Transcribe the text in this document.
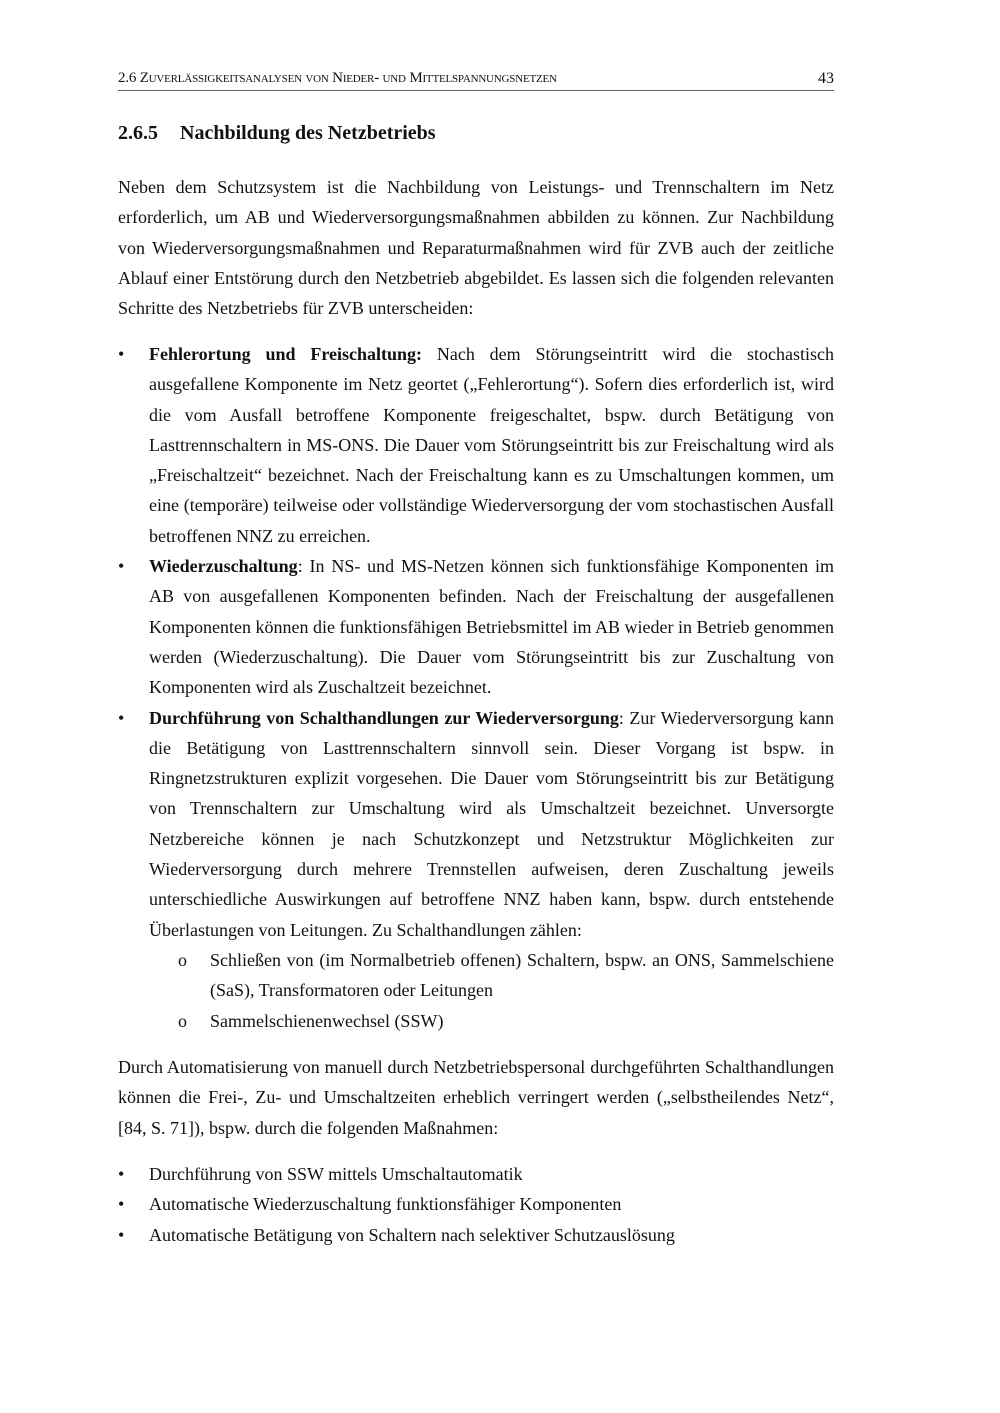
2.6 Zuverlässigkeitsanalysen von Nieder- und Mittelspannungsnetzen	43
2.6.5 Nachbildung des Netzbetriebs

Neben dem Schutzsystem ist die Nachbildung von Leistungs- und Trennschaltern im Netz erforderlich, um AB und Wiederversorgungsmaßnahmen abbilden zu können. Zur Nachbildung von Wiederversorgungsmaßnahmen und Reparaturmaßnahmen wird für ZVB auch der zeitliche Ablauf einer Entstörung durch den Netzbetrieb abgebildet. Es lassen sich die folgenden relevanten Schritte des Netzbetriebs für ZVB unterscheiden:

• Fehlerortung und Freischaltung: Nach dem Störungseintritt wird die stochastisch ausgefallene Komponente im Netz geortet („Fehlerortung“). Sofern dies erforderlich ist, wird die vom Ausfall betroffene Komponente freigeschaltet, bspw. durch Betätigung von Lasttrennschaltern in MS-ONS. Die Dauer vom Störungseintritt bis zur Freischaltung wird als „Freischaltzeit“ bezeichnet. Nach der Freischaltung kann es zu Umschaltungen kommen, um eine (temporäre) teilweise oder vollständige Wiederversorgung der vom stochastischen Ausfall betroffenen NNZ zu erreichen.
• Wiederzuschaltung: In NS- und MS-Netzen können sich funktionsfähige Komponenten im AB von ausgefallenen Komponenten befinden. Nach der Freischaltung der ausgefallenen Komponenten können die funktionsfähigen Betriebsmittel im AB wieder in Betrieb genommen werden (Wiederzuschaltung). Die Dauer vom Störungseintritt bis zur Zuschaltung von Komponenten wird als Zuschaltzeit bezeichnet.
• Durchführung von Schalthandlungen zur Wiederversorgung: Zur Wiederversorgung kann die Betätigung von Lasttrennschaltern sinnvoll sein. Dieser Vorgang ist bspw. in Ringnetzstrukturen explizit vorgesehen. Die Dauer vom Störungseintritt bis zur Betätigung von Trennschaltern zur Umschaltung wird als Umschaltzeit bezeichnet. Unversorgte Netzbereiche können je nach Schutzkonzept und Netzstruktur Möglichkeiten zur Wiederversorgung durch mehrere Trennstellen aufweisen, deren Zuschaltung jeweils unterschiedliche Auswirkungen auf betroffene NNZ haben kann, bspw. durch entstehende Überlastungen von Leitungen. Zu Schalthandlungen zählen:
o Schließen von (im Normalbetrieb offenen) Schaltern, bspw. an ONS, Sammelschiene (SaS), Transformatoren oder Leitungen
o Sammelschienenwechsel (SSW)

Durch Automatisierung von manuell durch Netzbetriebspersonal durchgeführten Schalthandlungen können die Frei-, Zu- und Umschaltzeiten erheblich verringert werden („selbstheilendes Netz“, [84, S. 71]), bspw. durch die folgenden Maßnahmen:

• Durchführung von SSW mittels Umschaltautomatik
• Automatische Wiederzuschaltung funktionsfähiger Komponenten
• Automatische Betätigung von Schaltern nach selektiver Schutzauslösung
